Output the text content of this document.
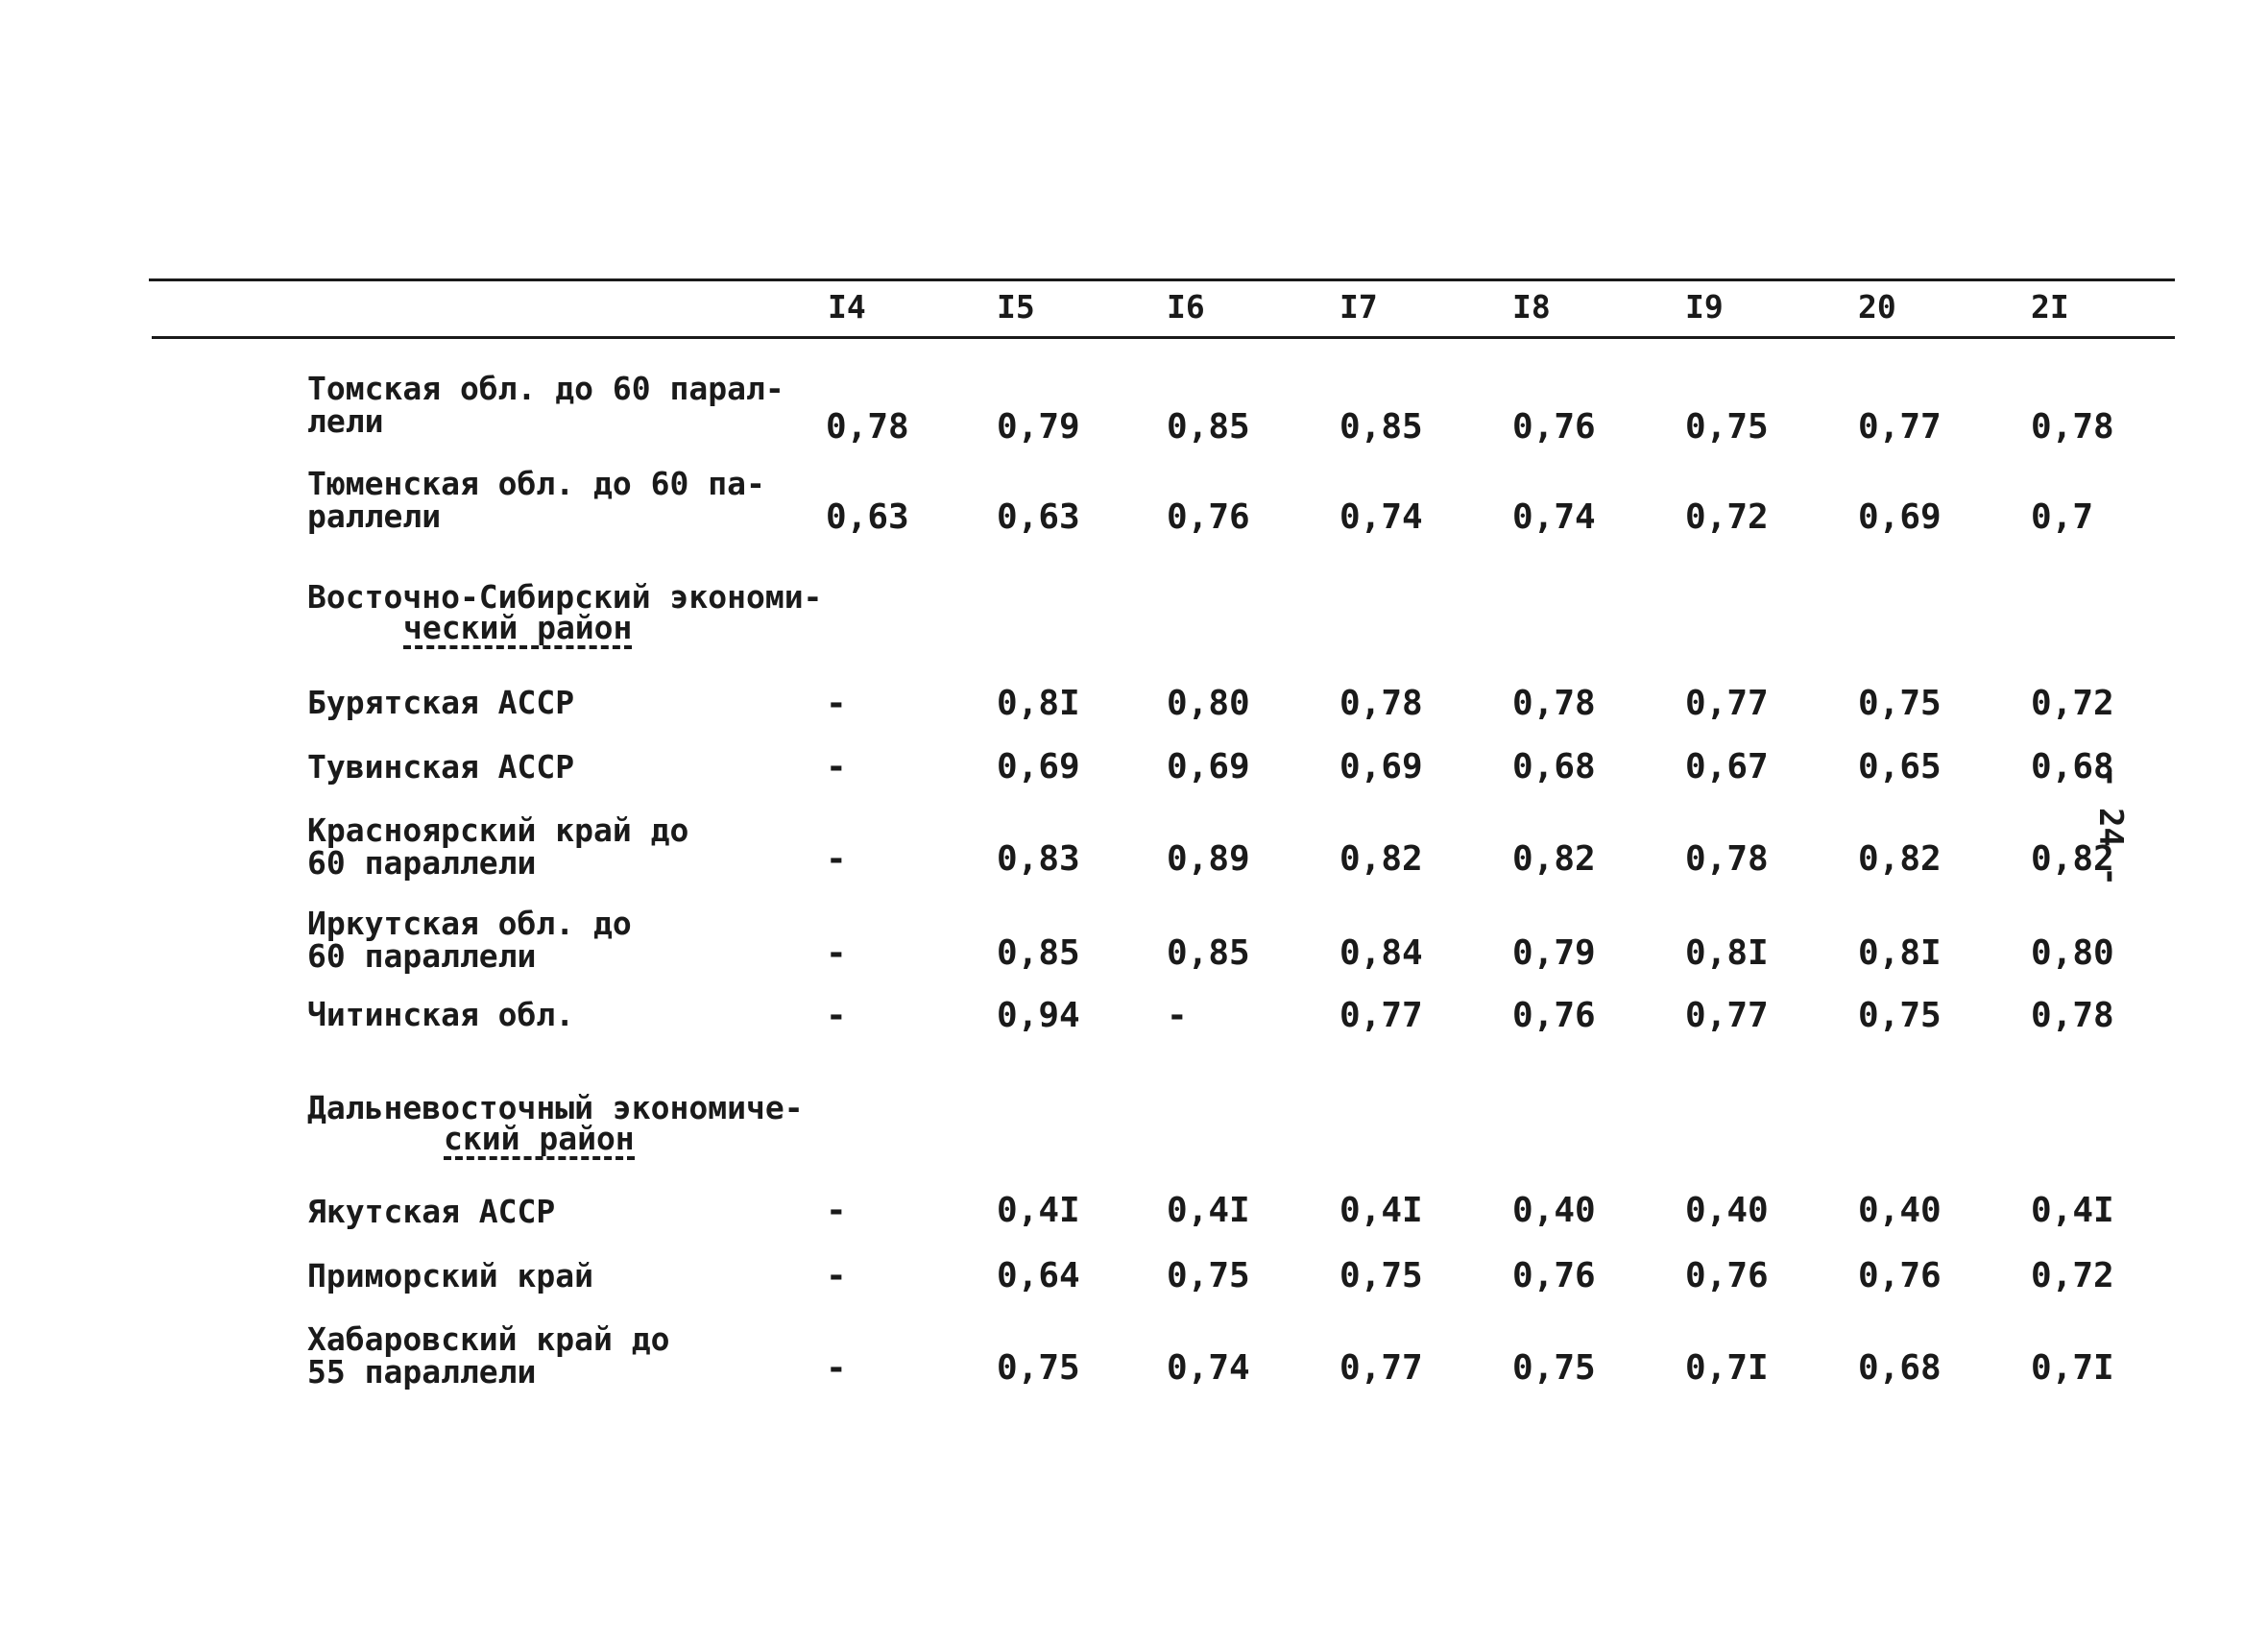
I4	I5	I6	I7	I8	I9	20	2I
Томская обл. до 60 парал-
лели	0,78	0,79	0,85	0,85	0,76	0,75	0,77	0,78
Тюменская обл. до 60 па-
раллели	0,63	0,63	0,76	0,74	0,74	0,72	0,69	0,7
Восточно-Сибирский экономи-
ческий район
Бурятская АССР	-	0,8I	0,80	0,78	0,78	0,77	0,75	0,72
Тувинская АССР	-	0,69	0,69	0,69	0,68	0,67	0,65	0,68
Красноярский край до
60 параллели	-	0,83	0,89	0,82	0,82	0,78	0,82	0,82
Иркутская обл. до
60 параллели	-	0,85	0,85	0,84	0,79	0,8I	0,8I	0,80
Читинская обл.	-	0,94	-	0,77	0,76	0,77	0,75	0,78
Дальневосточный экономиче-
ский район
Якутская АССР	-	0,4I	0,4I	0,4I	0,40	0,40	0,40	0,4I
Приморский край	-	0,64	0,75	0,75	0,76	0,76	0,76	0,72
Хабаровский край до
55 параллели	-	0,75	0,74	0,77	0,75	0,7I	0,68	0,7I
- 24 -
